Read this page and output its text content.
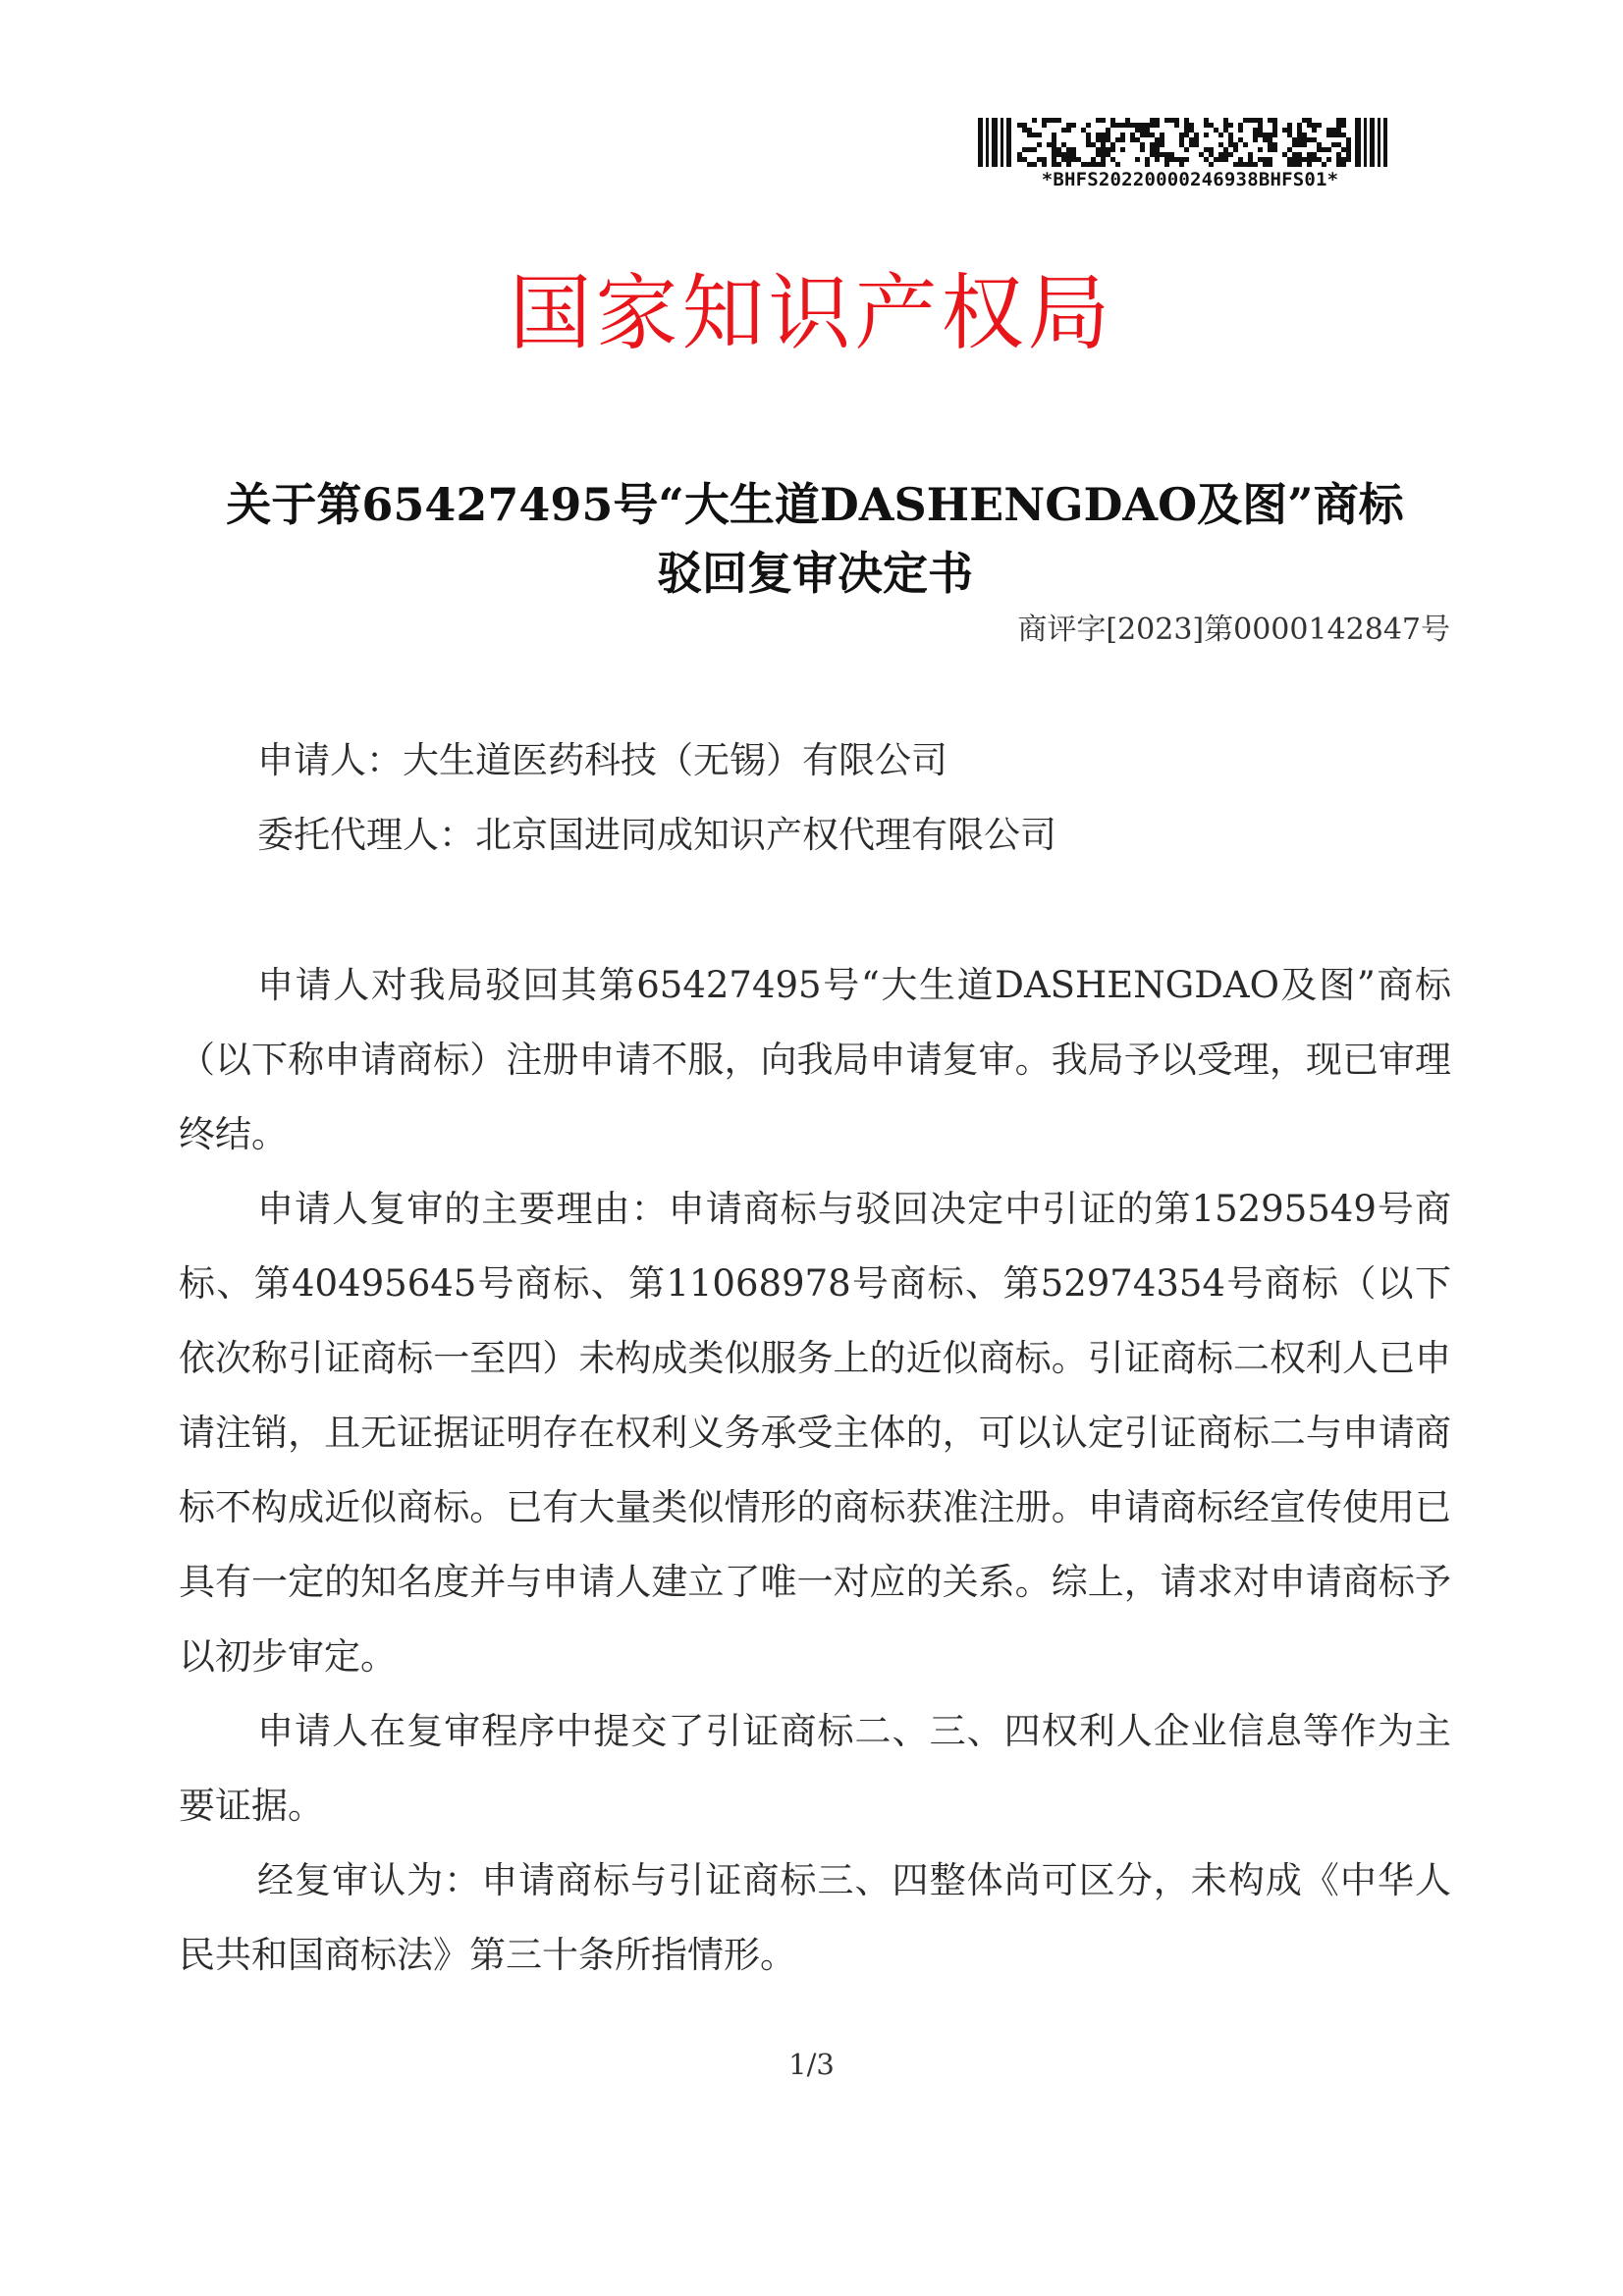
*BHFS20220000246938BHFS01*
国家知识产权局
关于第65427495号“大生道DASHENGDAO及图”商标
驳回复审决定书
商评字[2023]第0000142847号
申请人：大生道医药科技（无锡）有限公司
委托代理人：北京国进同成知识产权代理有限公司

申请人对我局驳回其第65427495号“大生道DASHENGDAO及图”商标（以下称申请商标）注册申请不服，向我局申请复审。我局予以受理，现已审理终结。

申请人复审的主要理由：申请商标与驳回决定中引证的第15295549号商标、第40495645号商标、第11068978号商标、第52974354号商标（以下依次称引证商标一至四）未构成类似服务上的近似商标。引证商标二权利人已申请注销，且无证据证明存在权利义务承受主体的，可以认定引证商标二与申请商标不构成近似商标。已有大量类似情形的商标获准注册。申请商标经宣传使用已具有一定的知名度并与申请人建立了唯一对应的关系。综上，请求对申请商标予以初步审定。

申请人在复审程序中提交了引证商标二、三、四权利人企业信息等作为主要证据。

经复审认为：申请商标与引证商标三、四整体尚可区分，未构成《中华人民共和国商标法》第三十条所指情形。

1/3
